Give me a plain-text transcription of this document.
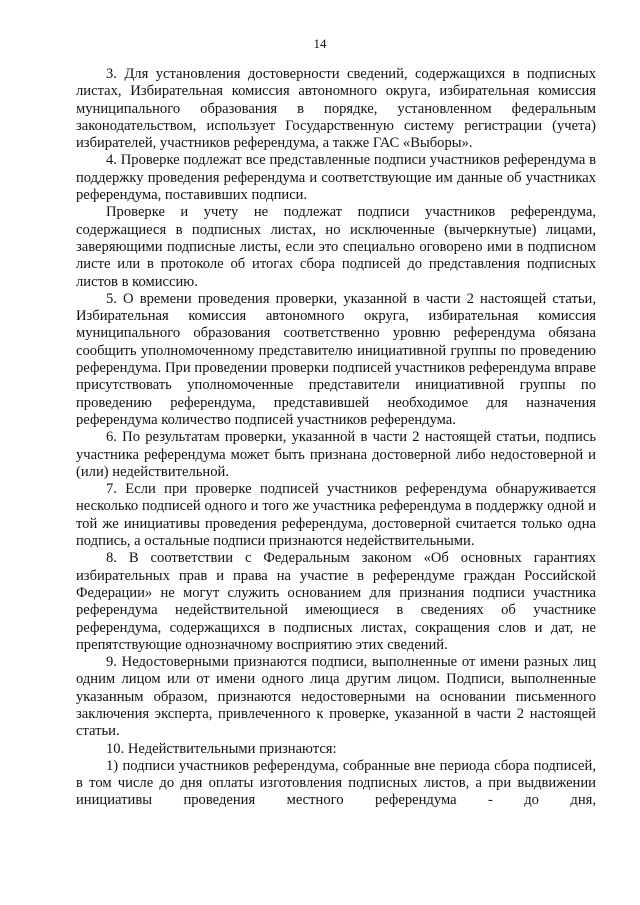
14

3. Для установления достоверности сведений, содержащихся в подписных листах, Избирательная комиссия автономного округа, избирательная комиссия муниципального образования в порядке, установленном федеральным законодательством, использует Государственную систему регистрации (учета) избирателей, участников референдума, а также ГАС «Выборы».

4. Проверке подлежат все представленные подписи участников референдума в поддержку проведения референдума и соответствующие им данные об участниках референдума, поставивших подписи.

Проверке и учету не подлежат подписи участников референдума, содержащиеся в подписных листах, но исключенные (вычеркнутые) лицами, заверяющими подписные листы, если это специально оговорено ими в подписном листе или в протоколе об итогах сбора подписей до представления подписных листов в комиссию.

5. О времени проведения проверки, указанной в части 2 настоящей статьи, Избирательная комиссия автономного округа, избирательная комиссия муниципального образования соответственно уровню референдума обязана сообщить уполномоченному представителю инициативной группы по проведению референдума. При проведении проверки подписей участников референдума вправе присутствовать уполномоченные представители инициативной группы по проведению референдума, представившей необходимое для назначения референдума количество подписей участников референдума.

6. По результатам проверки, указанной в части 2 настоящей статьи, подпись участника референдума может быть признана достоверной либо недостоверной и (или) недействительной.

7. Если при проверке подписей участников референдума обнаруживается несколько подписей одного и того же участника референдума в поддержку одной и той же инициативы проведения референдума, достоверной считается только одна подпись, а остальные подписи признаются недействительными.

8. В соответствии с Федеральным законом «Об основных гарантиях избирательных прав и права на участие в референдуме граждан Российской Федерации» не могут служить основанием для признания подписи участника референдума недействительной имеющиеся в сведениях об участнике референдума, содержащихся в подписных листах, сокращения слов и дат, не препятствующие однозначному восприятию этих сведений.

9. Недостоверными признаются подписи, выполненные от имени разных лиц одним лицом или от имени одного лица другим лицом. Подписи, выполненные указанным образом, признаются недостоверными на основании письменного заключения эксперта, привлеченного к проверке, указанной в части 2 настоящей статьи.

10. Недействительными признаются:

1) подписи участников референдума, собранные вне периода сбора подписей, в том числе до дня оплаты изготовления подписных листов, а при выдвижении инициативы проведения местного референдума - до дня,
